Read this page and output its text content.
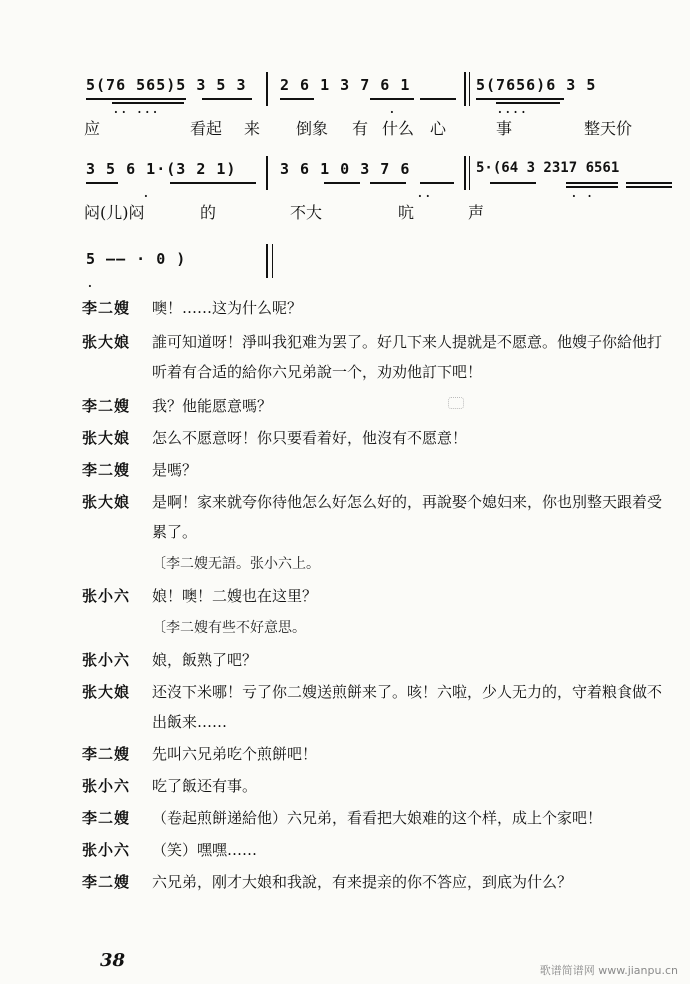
5(76 565)5 3 5 3
·· ···
2 6 1 3 7 6 1
·
5(7656)6 3 5
····
应	看起 来 倒象 有 什么 心	事	整天价
3 5 6 1·(3 2 1)
·
3 6 1 0 3 7 6
··
5·(64 3 2317 6561
· ·
闷(儿)闷	的	不大	吭	声
5 —— · 0 )
·
李二嫂	噢！……这为什么呢？
张大娘	誰可知道呀！淨叫我犯难为罢了。好几下来人提就是不愿意。他嫂子你給他打听着有合适的給你六兄弟說一个，劝劝他訂下吧！
李二嫂	我？他能愿意嗎？
张大娘	怎么不愿意呀！你只要看着好，他沒有不愿意！
李二嫂	是嗎？
张大娘	是啊！家来就夸你待他怎么好怎么好的，再說娶个媳妇来，你也別整天跟着受累了。
〔李二嫂无語。张小六上。
张小六	娘！噢！二嫂也在这里？
〔李二嫂有些不好意思。
张小六	娘，飯熟了吧？
张大娘	还沒下米哪！亏了你二嫂送煎餅来了。咳！六啦，少人无力的，守着粮食做不出飯来……
李二嫂	先叫六兄弟吃个煎餅吧！
张小六	吃了飯还有事。
李二嫂	（卷起煎餅递給他）六兄弟，看看把大娘难的这个样，成上个家吧！
张小六	（笑）嘿嘿……
李二嫂	六兄弟，刚才大娘和我說，有来提亲的你不答应，到底为什么？
38	歌谱简谱网 www.jianpu.cn
